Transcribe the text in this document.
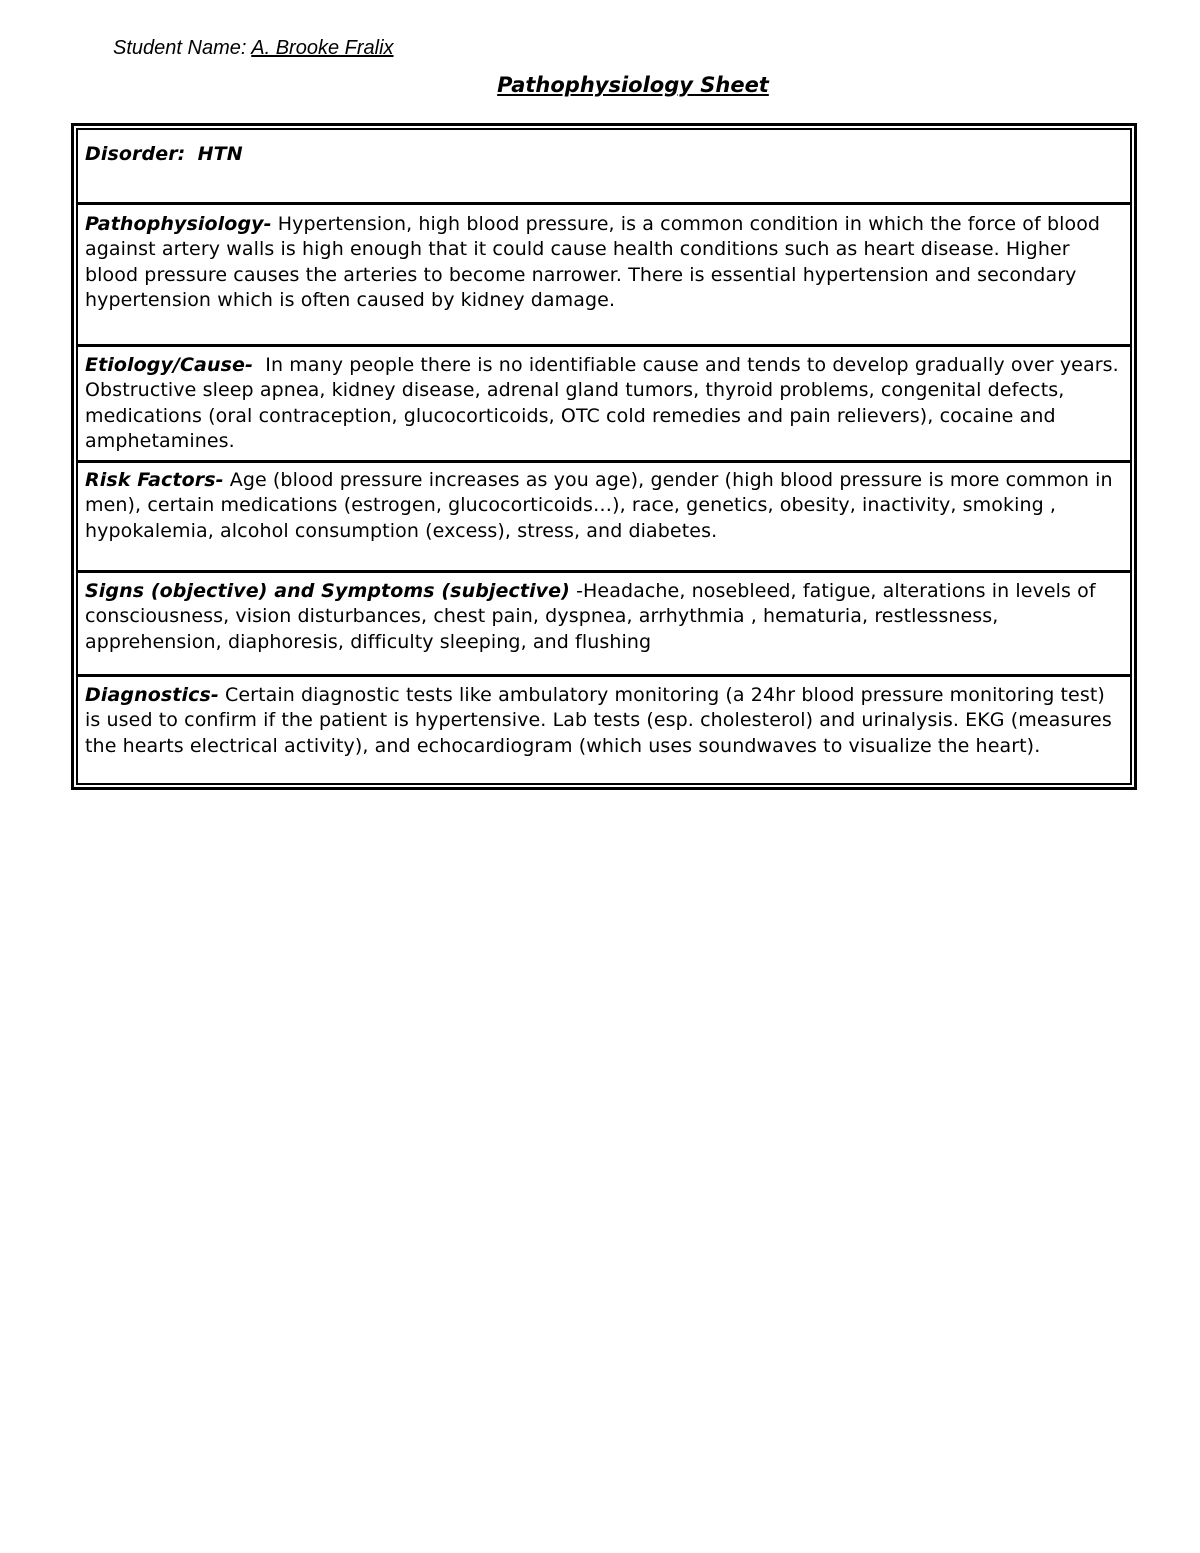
Student Name: A. Brooke Fralix
Pathophysiology Sheet
Disorder: HTN
Pathophysiology- Hypertension, high blood pressure, is a common condition in which the force of blood against artery walls is high enough that it could cause health conditions such as heart disease. Higher blood pressure causes the arteries to become narrower. There is essential hypertension and secondary hypertension which is often caused by kidney damage.
Etiology/Cause- In many people there is no identifiable cause and tends to develop gradually over years. Obstructive sleep apnea, kidney disease, adrenal gland tumors, thyroid problems, congenital defects, medications (oral contraception, glucocorticoids, OTC cold remedies and pain relievers), cocaine and amphetamines.
Risk Factors- Age (blood pressure increases as you age), gender (high blood pressure is more common in men), certain medications (estrogen, glucocorticoids…), race, genetics, obesity, inactivity, smoking , hypokalemia, alcohol consumption (excess), stress, and diabetes.
Signs (objective) and Symptoms (subjective) -Headache, nosebleed, fatigue, alterations in levels of consciousness, vision disturbances, chest pain, dyspnea, arrhythmia , hematuria, restlessness, apprehension, diaphoresis, difficulty sleeping, and flushing
Diagnostics- Certain diagnostic tests like ambulatory monitoring (a 24hr blood pressure monitoring test) is used to confirm if the patient is hypertensive. Lab tests (esp. cholesterol) and urinalysis. EKG (measures the hearts electrical activity), and echocardiogram (which uses soundwaves to visualize the heart).
